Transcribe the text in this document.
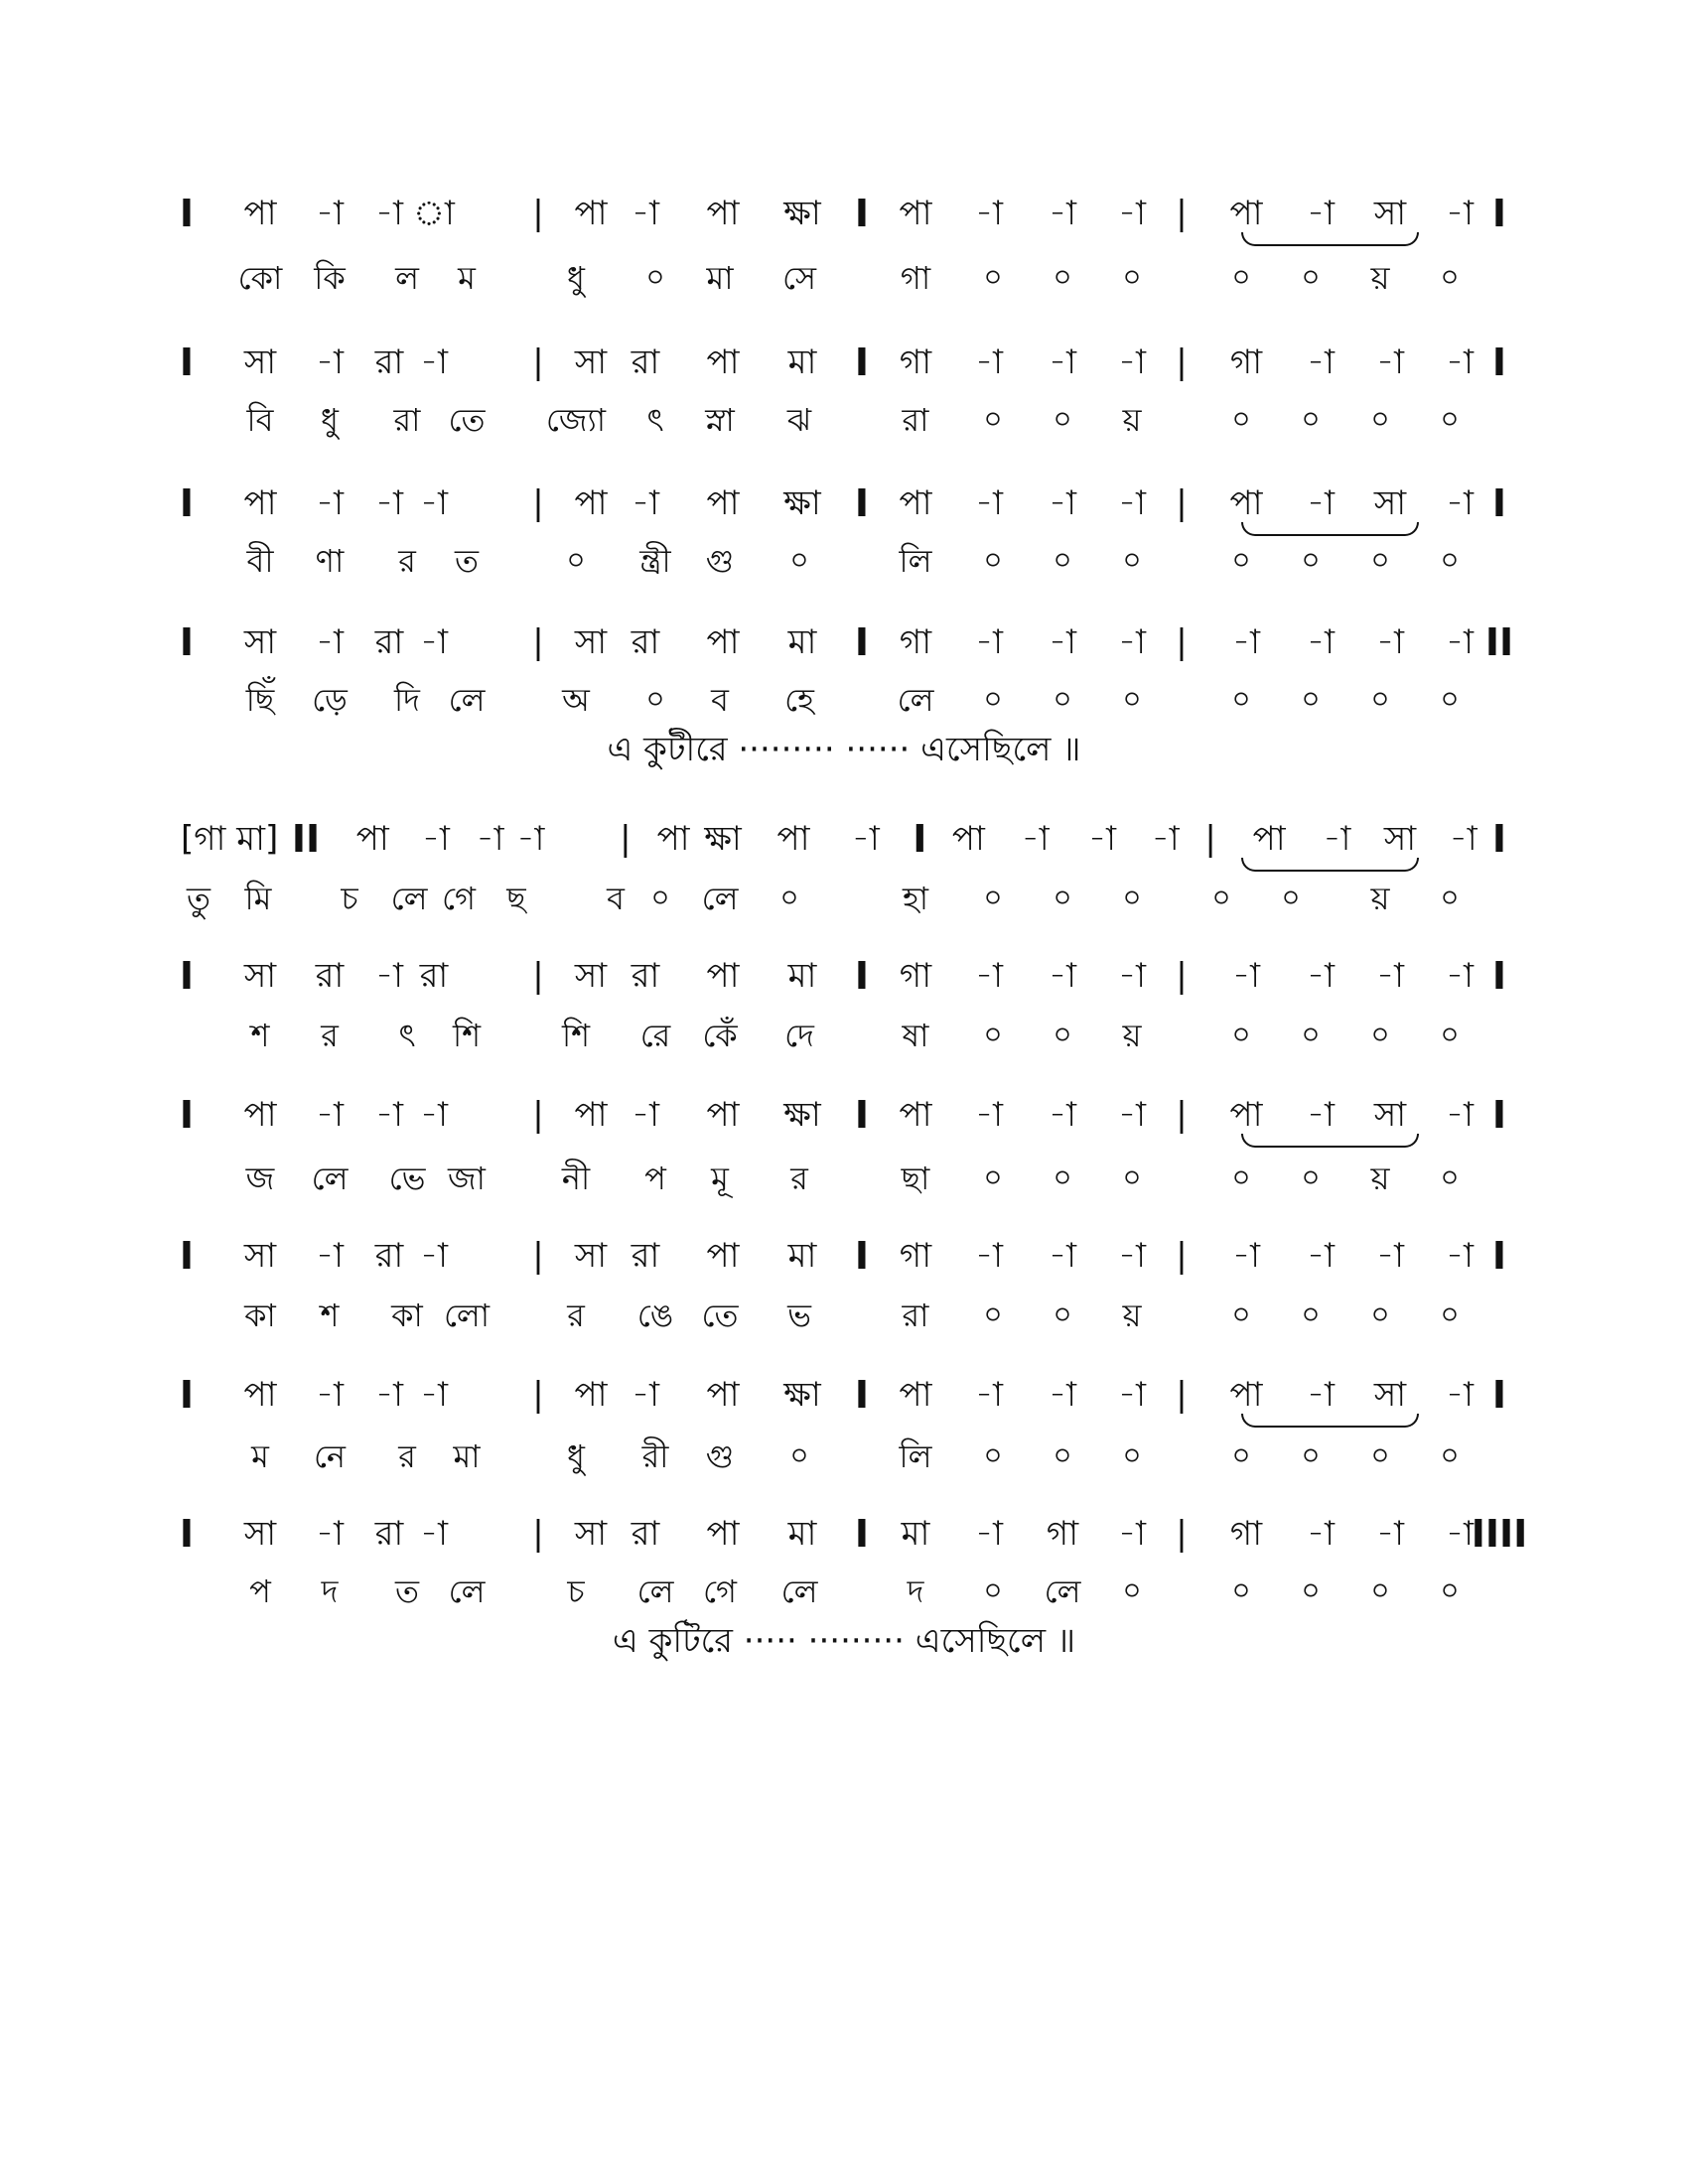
I পা -া -া া | পা -া পা ক্ষা I পা -া -া -া | পা -া সা -া I
কো কি ল ম	ধু ০ মা সে	গা ০ ০ ০	০ ০ য় ০
I সা -া রা -া	| সা রা পা মা I গা -া -া -া | গা -া -া -া I
বি ধু রা তে জ্যো ৎ স্না ঝ	রা ০ ০ য়	০ ০ ০ ০
I পা -া -া -া	| পা -া পা ক্ষা I পা -া -া -া | পা -া সা -া I
বী ণা র ত	০ ন্ত্রী গু ০	লি ০ ০ ০	০ ০ ০ ০
I সা -া রা -া	| সা রা পা মা I গা -া -া -া | -া -া -া -া II
ছিঁ ড়ে দি লে অ ০ ব হে	লে ০ ০ ০	০ ০ ০ ০
এ কুটীরে ········· ······ এসেছিলে ॥
[গা মা] II পা -া -া -া | পা ক্ষা পা -া I পা -া -া -া | পা -া সা -া I
তু মি চ লে গে ছ	ব ০ লে ০	হা ০ ০ ০ ০ ০ য় ০
I সা রা -া রা | সা রা পা মা I গা -া -া -া | -া -া -া -া I
শ র ৎ শি	শি রে কেঁ দে	ষা ০ ০ য়	০ ০ ০ ০
I পা -া -া -া	| পা -া পা ক্ষা I পা -া -া -া | পা -া সা -া I
জ লে ভে জা নী প মূ র	ছা ০ ০ ০	০ ০ য় ০
I সা -া রা -া	| সা রা পা মা I গা -া -া -া | -া -া -া -া I
কা শ কা লো র ঙে তে ভ	রা ০ ০ য়	০ ০ ০ ০
I পা -া -া -া	| পা -া পা ক্ষা I পা -া -া -া | পা -া সা -া I
ম নে র মা	ধু রী গু ০	লি ০ ০ ০	০ ০ ০ ০
I সা -া রা -া	| সা রা পা মা I মা -া গা -া | গা -া -া -া
IIII
প দ ত লে	চ লে গে লে	দ ০ লে ০	০ ০ ০ ০
এ কুটিরে ····· ········· এসেছিলে ॥
